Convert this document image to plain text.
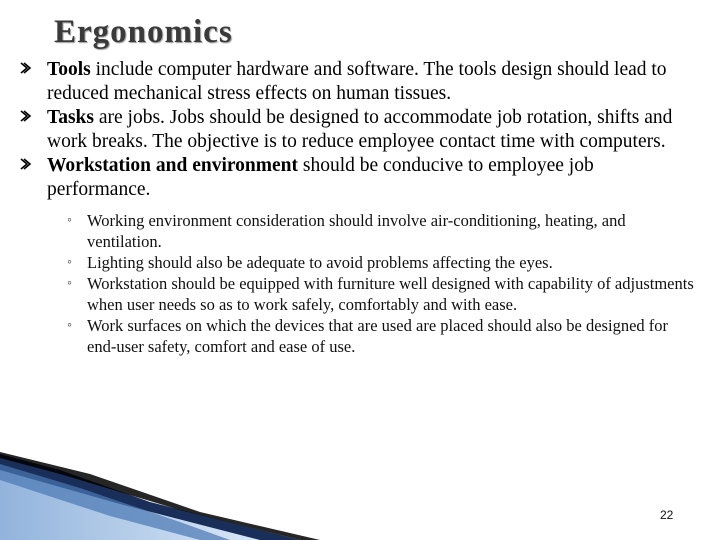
Ergonomics
Tools include computer hardware and software. The tools design should lead to reduced mechanical stress effects on human tissues.
Tasks are jobs. Jobs should be designed to accommodate job rotation, shifts and work breaks. The objective is to reduce employee contact time with computers.
Workstation and environment should be conducive to employee job performance.
◦ Working environment consideration should involve air-conditioning, heating, and ventilation.
◦ Lighting should also be adequate to avoid problems affecting the eyes.
◦ Workstation should be equipped with furniture well designed with capability of adjustments when user needs so as to work safely, comfortably and with ease.
◦ Work surfaces on which the devices that are used are placed should also be designed for end-user safety, comfort and ease of use.
22
